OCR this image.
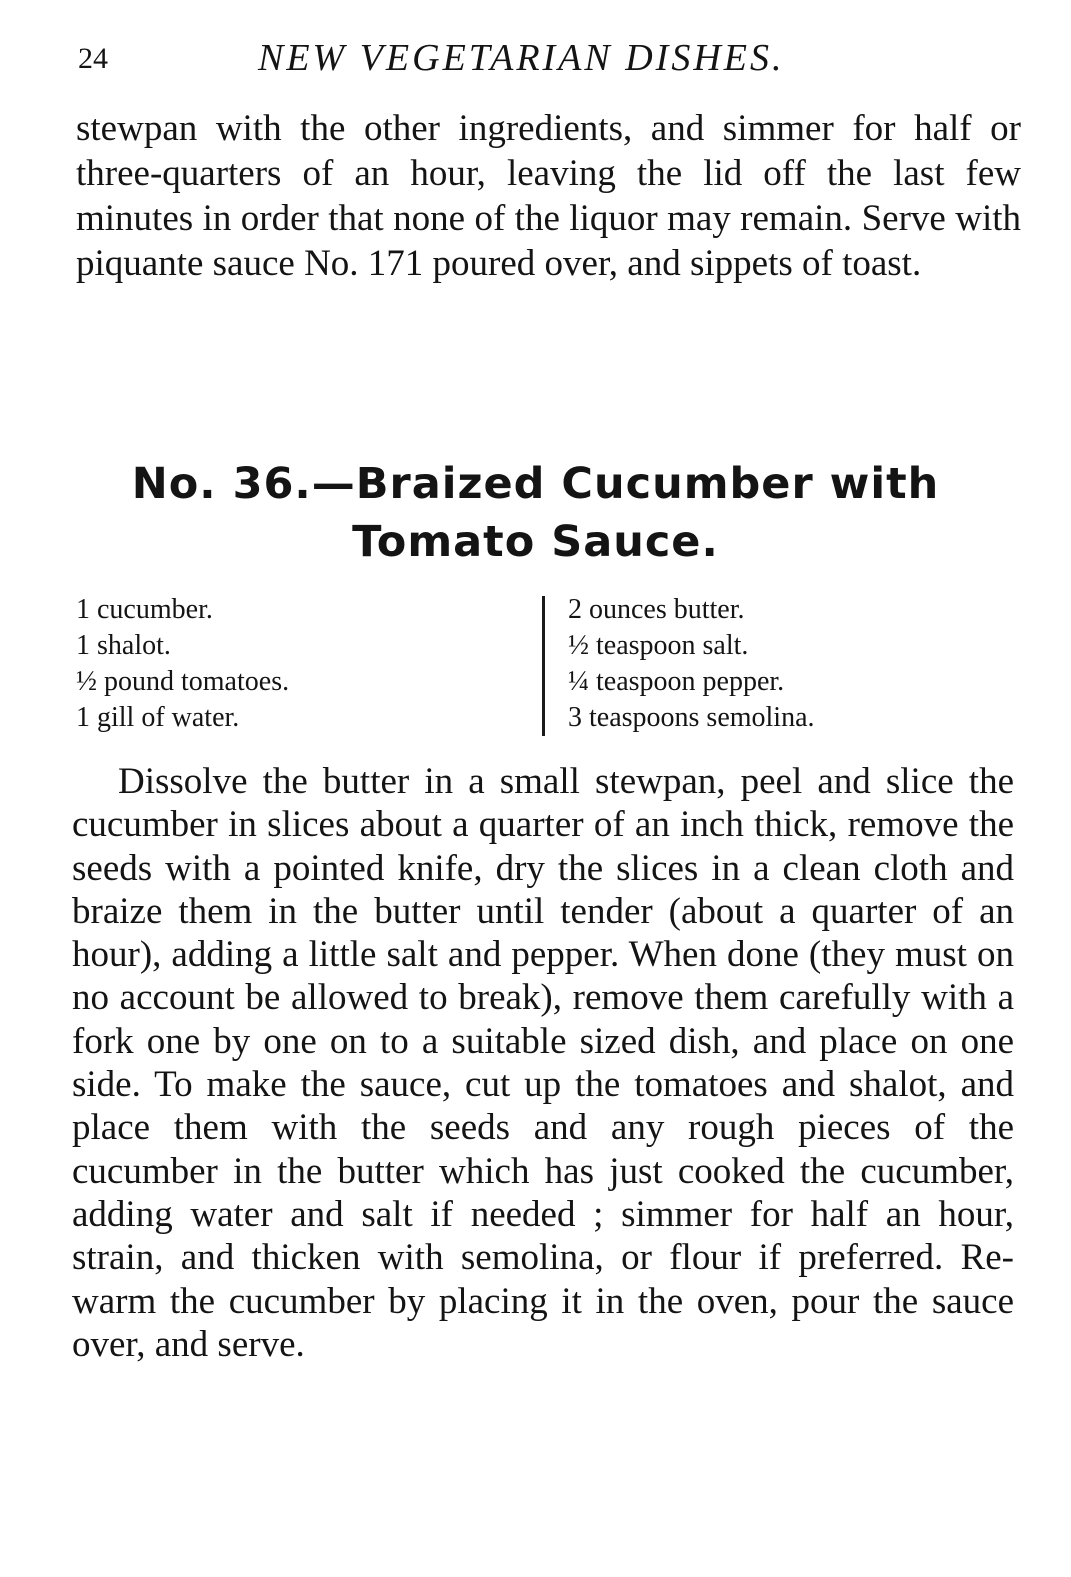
24	NEW VEGETARIAN DISHES.

stewpan with the other ingredients, and simmer for half or three-quarters of an hour, leaving the lid off the last few minutes in order that none of the liquor may remain. Serve with piquante sauce No. 171 poured over, and sippets of toast.

No. 36.—Braized Cucumber with
Tomato Sauce.
1 cucumber.
1 shalot.
½ pound tomatoes.
1 gill of water.
2 ounces butter.
½ teaspoon salt.
¼ teaspoon pepper.
3 teaspoons semolina.

Dissolve the butter in a small stewpan, peel and slice the cucumber in slices about a quarter of an inch thick, remove the seeds with a pointed knife, dry the slices in a clean cloth and braize them in the butter until tender (about a quarter of an hour), adding a little salt and pepper. When done (they must on no account be allowed to break), remove them carefully with a fork one by one on to a suitable sized dish, and place on one side. To make the sauce, cut up the tomatoes and shalot, and place them with the seeds and any rough pieces of the cucumber in the butter which has just cooked the cucumber, adding water and salt if needed ; simmer for half an hour, strain, and thicken with semolina, or flour if preferred. Re-warm the cucumber by placing it in the oven, pour the sauce over, and serve.
